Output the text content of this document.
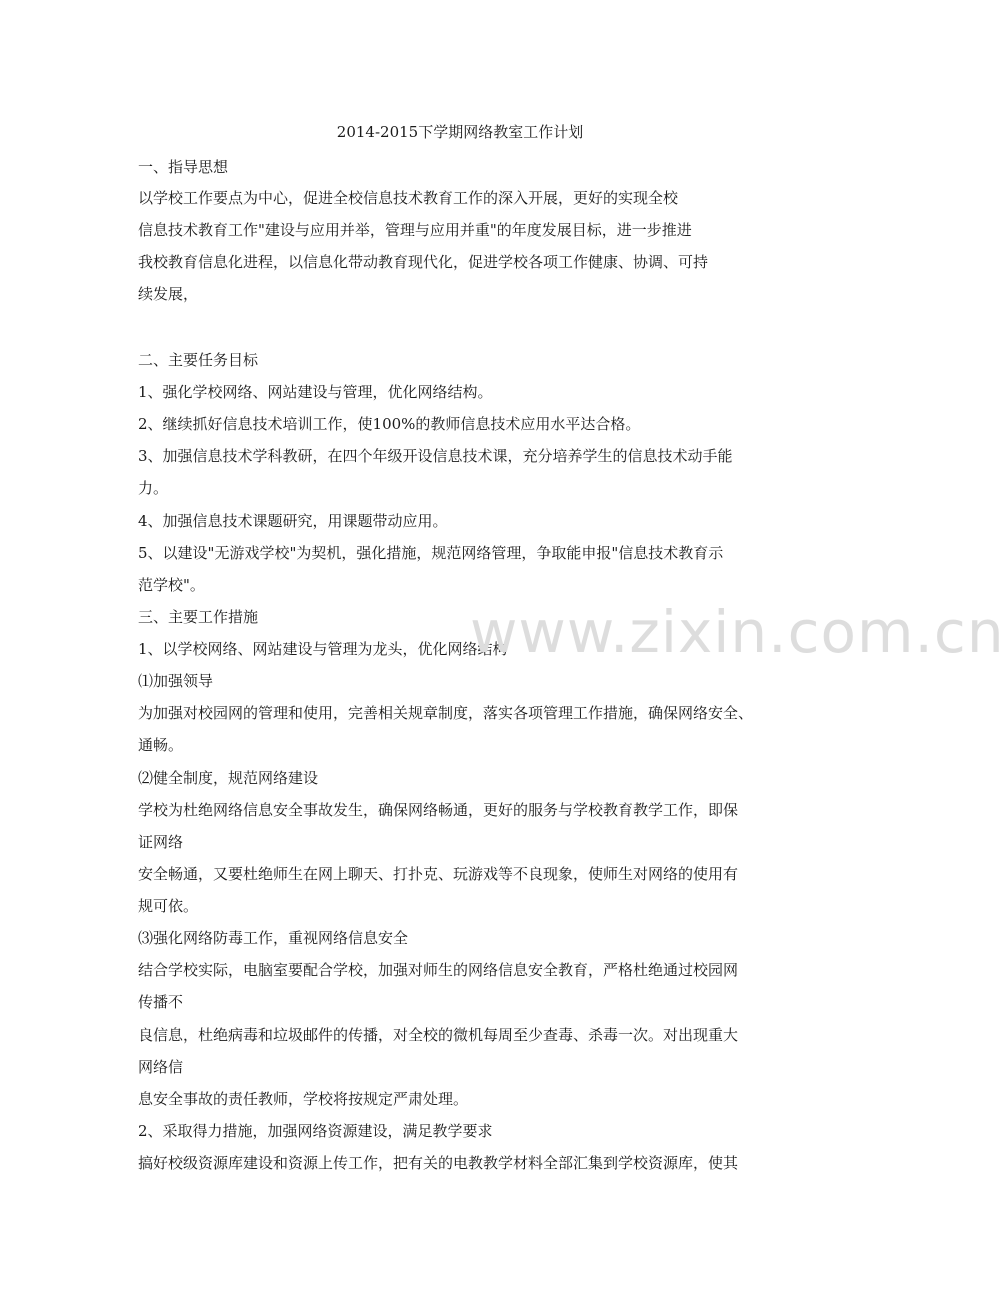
2014-2015下学期网络教室工作计划
一、指导思想
以学校工作要点为中心，促进全校信息技术教育工作的深入开展，更好的实现全校
信息技术教育工作"建设与应用并举，管理与应用并重"的年度发展目标，进一步推进
我校教育信息化进程，以信息化带动教育现代化，促进学校各项工作健康、协调、可持
续发展，
二、主要任务目标
1、强化学校网络、网站建设与管理，优化网络结构。
2、继续抓好信息技术培训工作，使100%的教师信息技术应用水平达合格。
3、加强信息技术学科教研，在四个年级开设信息技术课，充分培养学生的信息技术动手能
力。
4、加强信息技术课题研究，用课题带动应用。
5、以建设"无游戏学校"为契机，强化措施，规范网络管理，争取能申报"信息技术教育示
范学校"。
三、主要工作措施
1、以学校网络、网站建设与管理为龙头，优化网络结构
⑴加强领导
为加强对校园网的管理和使用，完善相关规章制度，落实各项管理工作措施，确保网络安全、
通畅。
⑵健全制度，规范网络建设
学校为杜绝网络信息安全事故发生，确保网络畅通，更好的服务与学校教育教学工作，即保
证网络
安全畅通，又要杜绝师生在网上聊天、打扑克、玩游戏等不良现象，使师生对网络的使用有
规可依。
⑶强化网络防毒工作，重视网络信息安全
结合学校实际，电脑室要配合学校，加强对师生的网络信息安全教育，严格杜绝通过校园网
传播不
良信息，杜绝病毒和垃圾邮件的传播，对全校的微机每周至少查毒、杀毒一次。对出现重大
网络信
息安全事故的责任教师，学校将按规定严肃处理。
2、采取得力措施，加强网络资源建设，满足教学要求
搞好校级资源库建设和资源上传工作，把有关的电教教学材料全部汇集到学校资源库，使其
www.zixin.com.cn
